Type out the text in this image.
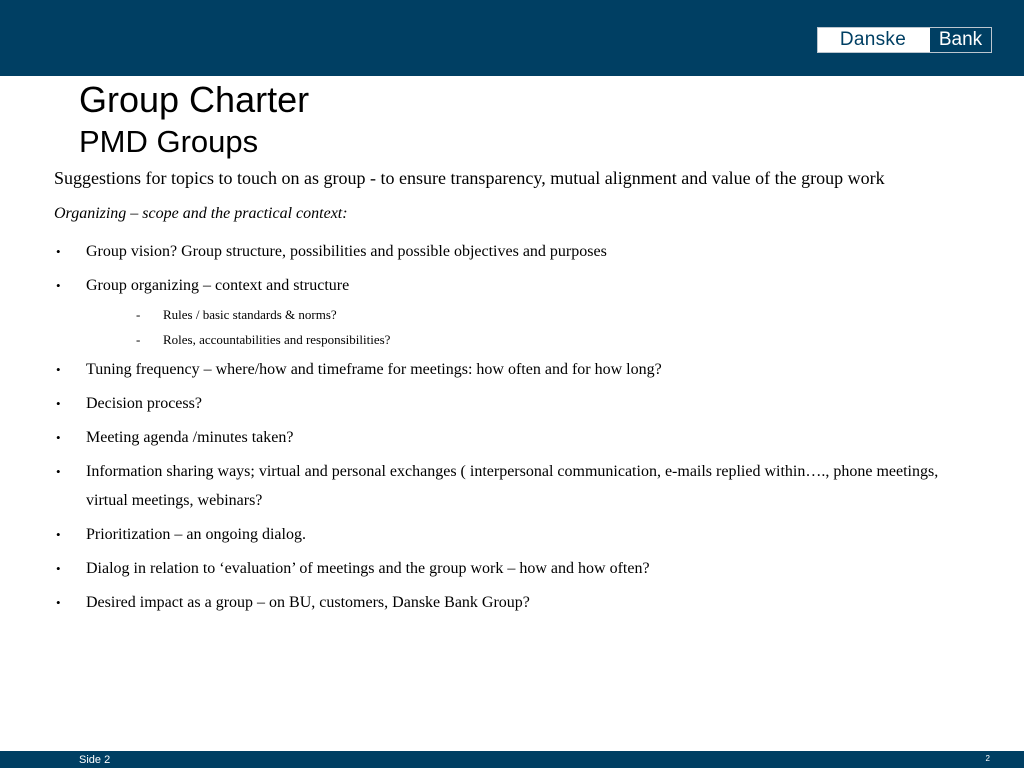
Danske	Bank
Group Charter
PMD Groups
Suggestions for topics to touch on as group - to ensure transparency, mutual alignment and value of the group work
Organizing – scope and the practical context:
• Group vision? Group structure, possibilities and possible objectives and purposes
• Group organizing – context and structure
- Rules / basic standards & norms?
- Roles, accountabilities and responsibilities?
• Tuning frequency – where/how and timeframe for meetings: how often and for how long?
• Decision process?
• Meeting agenda /minutes taken?
• Information sharing ways; virtual and personal exchanges ( interpersonal communication, e-mails replied within…., phone meetings, virtual meetings, webinars?
• Prioritization – an ongoing dialog.
• Dialog in relation to ‘evaluation’ of meetings and the group work – how and how often?
• Desired impact as a group – on BU, customers, Danske Bank Group?
Side 2	2
